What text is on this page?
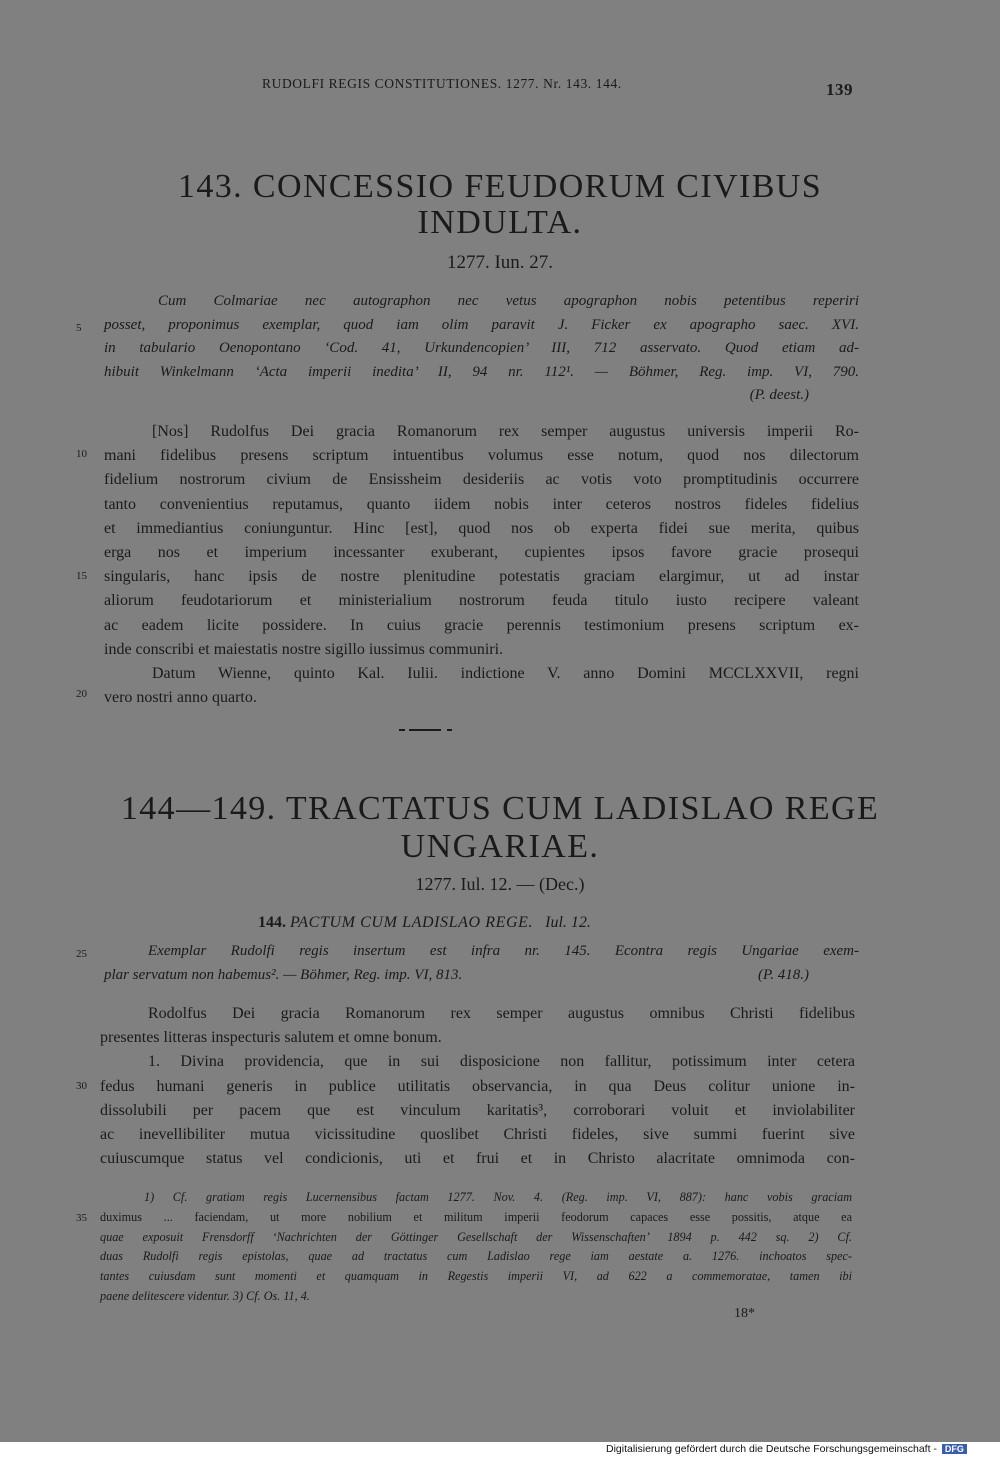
RUDOLFI REGIS CONSTITUTIONES. 1277. Nr. 143. 144.	139
143. CONCESSIO FEUDORUM CIVIBUS
INDULTA.
1277. Iun. 27.
Cum Colmariae nec autographon nec vetus apographon nobis petentibus reperiri
posset, proponimus exemplar, quod iam olim paravit J. Ficker ex apographo saec. XVI.
in tabulario Oenopontano ‘Cod. 41, Urkundencopien’ III, 712 asservato. Quod etiam ad-
hibuit Winkelmann ‘Acta imperii inedita’ II, 94 nr. 112¹. — Böhmer, Reg. imp. VI, 790.
(P. deest.)
[Nos] Rudolfus Dei gracia Romanorum rex semper augustus universis imperii Ro-
mani fidelibus presens scriptum intuentibus volumus esse notum, quod nos dilectorum
fidelium nostrorum civium de Ensissheim desideriis ac votis voto promptitudinis occurrere
tanto convenientius reputamus, quanto iidem nobis inter ceteros nostros fideles fidelius
et immediantius coniunguntur. Hinc [est], quod nos ob experta fidei sue merita, quibus
erga nos et imperium incessanter exuberant, cupientes ipsos favore gracie prosequi
singularis, hanc ipsis de nostre plenitudine potestatis graciam elargimur, ut ad instar
aliorum feudotariorum et ministerialium nostrorum feuda titulo iusto recipere valeant
ac eadem licite possidere. In cuius gracie perennis testimonium presens scriptum ex-
inde conscribi et maiestatis nostre sigillo iussimus communiri.
Datum Wienne, quinto Kal. Iulii. indictione V. anno Domini MCCLXXVII, regni
vero nostri anno quarto.
144—149. TRACTATUS CUM LADISLAO REGE
UNGARIAE.
1277. Iul. 12. — (Dec.)
144. PACTUM CUM LADISLAO REGE. Iul. 12.
Exemplar Rudolfi regis insertum est infra nr. 145. Econtra regis Ungariae exem-
plar servatum non habemus². — Böhmer, Reg. imp. VI, 813.	(P. 418.)
Rodolfus Dei gracia Romanorum rex semper augustus omnibus Christi fidelibus
presentes litteras inspecturis salutem et omne bonum.
1. Divina providencia, que in sui disposicione non fallitur, potissimum inter cetera
fedus humani generis in publice utilitatis observancia, in qua Deus colitur unione in-
dissolubili per pacem que est vinculum karitatis³, corroborari voluit et inviolabiliter
ac inevellibiliter mutua vicissitudine quoslibet Christi fideles, sive summi fuerint sive
cuiuscumque status vel condicionis, uti et frui et in Christo alacritate omnimoda con-
1) Cf. gratiam regis Lucernensibus factam 1277. Nov. 4. (Reg. imp. VI, 887): hanc vobis graciam
duximus ... faciendam, ut more nobilium et militum imperii feodorum capaces esse possitis, atque ea
quae exposuit Frensdorff ‘Nachrichten der Göttinger Gesellschaft der Wissenschaften’ 1894 p. 442 sq. 2) Cf.
duas Rudolfi regis epistolas, quae ad tractatus cum Ladislao rege iam aestate a. 1276. inchoatos spec-
tantes cuiusdam sunt momenti et quamquam in Regestis imperii VI, ad 622 a commemoratae, tamen ibi
paene delitescere videntur. 3) Cf. Os. 11, 4.
5
10
15
20
25
30
35
18*
Digitalisierung gefördert durch die Deutsche Forschungsgemeinschaft - DFG
